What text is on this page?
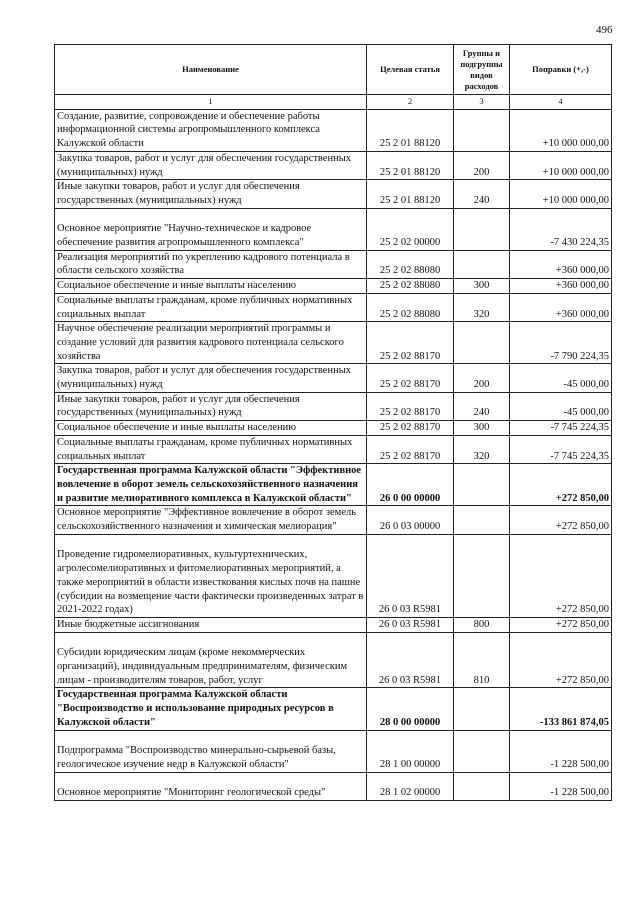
496
Наименование	Целевая статья	Группы и подгруппы видов расходов	Поправки (+,-)
1	2	3	4
Создание, развитие, сопровождение и обеспечение работы информационной системы агропромышленного комплекса Калужской области	25 2 01 88120		+10 000 000,00
Закупка товаров, работ и услуг для обеспечения государственных (муниципальных) нужд	25 2 01 88120	200	+10 000 000,00
Иные закупки товаров, работ и услуг для обеспечения государственных (муниципальных) нужд	25 2 01 88120	240	+10 000 000,00

Основное мероприятие "Научно-техническое и кадровое обеспечение развития агропромышленного комплекса"	25 2 02 00000		-7 430 224,35
Реализация мероприятий по укреплению кадрового потенциала в области сельского хозяйства	25 2 02 88080		+360 000,00
Социальное обеспечение и иные выплаты населению	25 2 02 88080	300	+360 000,00
Социальные выплаты гражданам, кроме публичных нормативных социальных выплат	25 2 02 88080	320	+360 000,00
Научное обеспечение реализации мероприятий программы и создание условий для развития кадрового потенциала сельского хозяйства	25 2 02 88170		-7 790 224,35
Закупка товаров, работ и услуг для обеспечения государственных (муниципальных) нужд	25 2 02 88170	200	-45 000,00
Иные закупки товаров, работ и услуг для обеспечения государственных (муниципальных) нужд	25 2 02 88170	240	-45 000,00
Социальное обеспечение и иные выплаты населению	25 2 02 88170	300	-7 745 224,35
Социальные выплаты гражданам, кроме публичных нормативных социальных выплат	25 2 02 88170	320	-7 745 224,35
Государственная программа Калужской области "Эффективное вовлечение в оборот земель сельскохозяйственного назначения и развитие мелиоративного комплекса в Калужской области"	26 0 00 00000		+272 850,00
Основное мероприятие "Эффективное вовлечение в оборот земель сельскохозяйственного назначения и химическая мелиорация"	26 0 03 00000		+272 850,00

Проведение гидромелиоративных, культуртехнических, агролесомелиоративных и фитомелиоративных мероприятий, а также мероприятий в области известкования кислых почв на пашне (субсидии на возмещение части фактически произведенных затрат в 2021-2022 годах)	26 0 03 R5981		+272 850,00
Иные бюджетные ассигнования	26 0 03 R5981	800	+272 850,00

Субсидии юридическим лицам (кроме некоммерческих организаций), индивидуальным предпринимателям, физическим лицам - производителям товаров, работ, услуг	26 0 03 R5981	810	+272 850,00
Государственная программа Калужской области "Воспроизводство и использование природных ресурсов в Калужской области"	28 0 00 00000		-133 861 874,05

Подпрограмма "Воспроизводство минерально-сырьевой базы, геологическое изучение недр в Калужской области"	28 1 00 00000		-1 228 500,00

Основное мероприятие "Мониторинг геологической среды"	28 1 02 00000		-1 228 500,00
